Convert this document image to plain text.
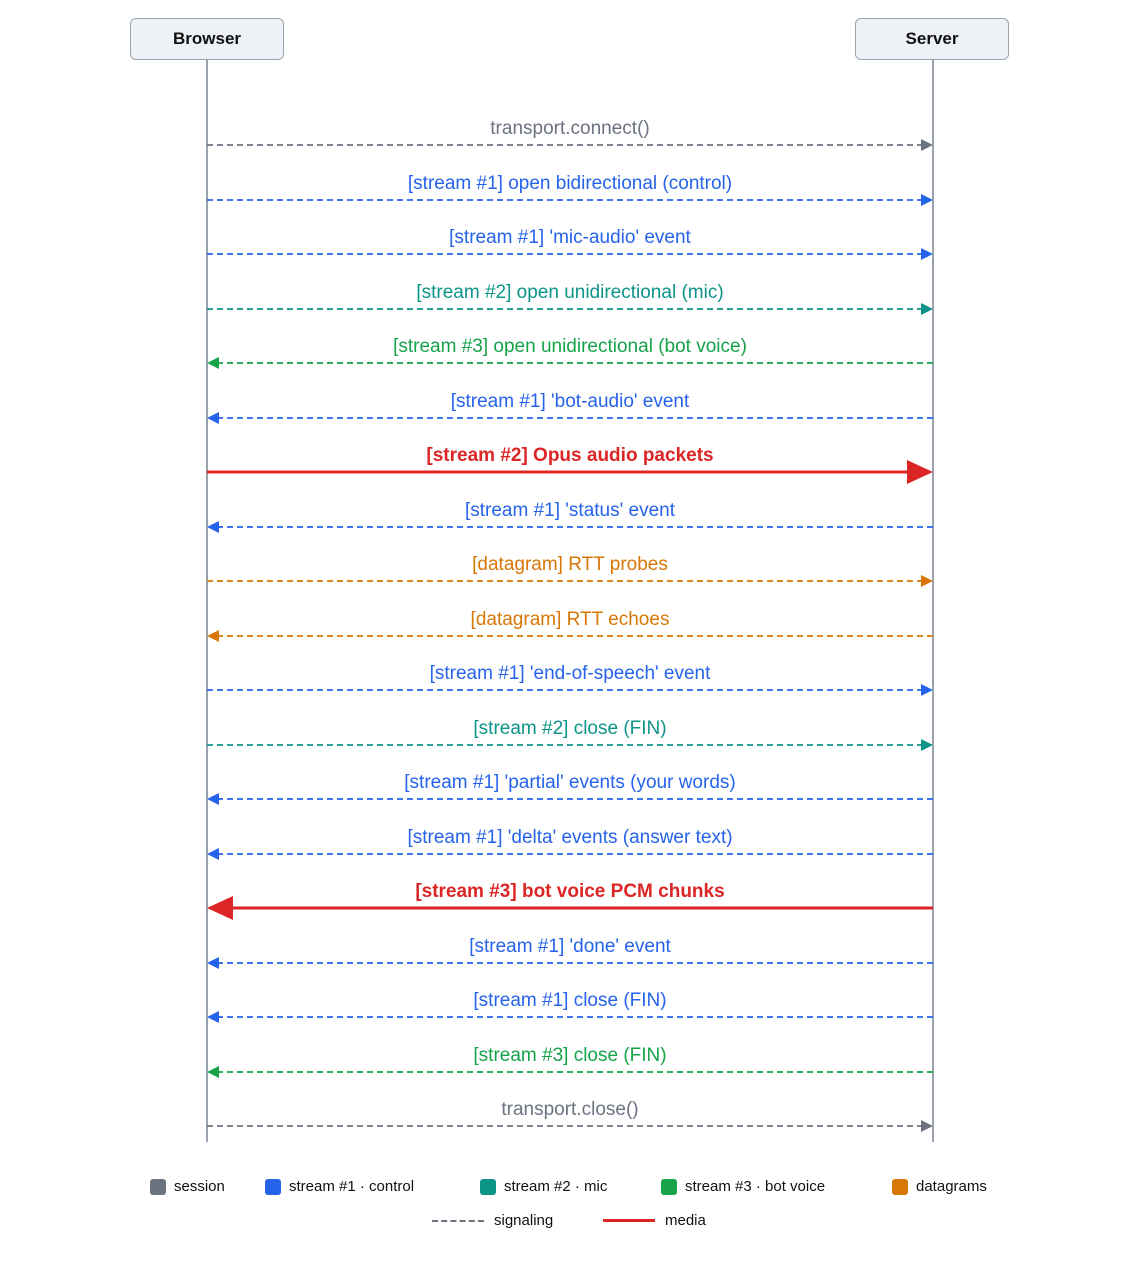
Browser	Server
transport.connect()
[stream #1] open bidirectional (control)
[stream #1] 'mic-audio' event
[stream #2] open unidirectional (mic)
[stream #3] open unidirectional (bot voice)
[stream #1] 'bot-audio' event
[stream #2] Opus audio packets
[stream #1] 'status' event
[datagram] RTT probes
[datagram] RTT echoes
[stream #1] 'end-of-speech' event
[stream #2] close (FIN)
[stream #1] 'partial' events (your words)
[stream #1] 'delta' events (answer text)
[stream #3] bot voice PCM chunks
[stream #1] 'done' event
[stream #1] close (FIN)
[stream #3] close (FIN)
transport.close()
session	stream #1 · control	stream #2 · mic	stream #3 · bot voice	datagrams
signaling	media
